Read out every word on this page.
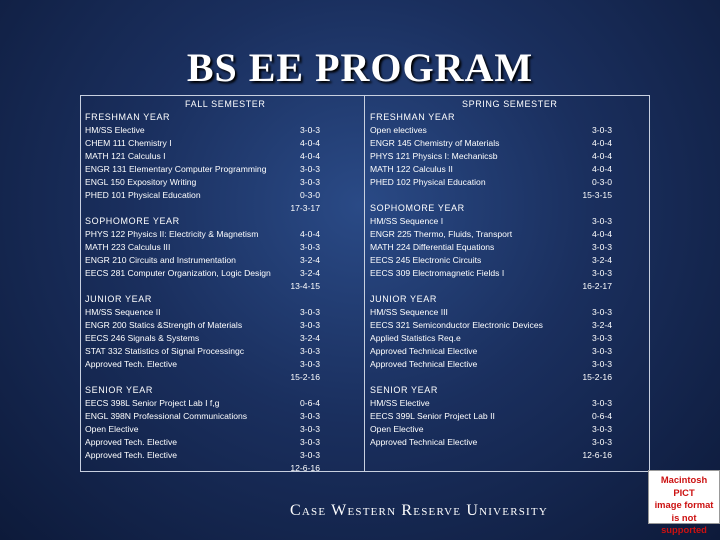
BS EE PROGRAM
FALL SEMESTER	SPRING SEMESTER
FRESHMAN YEAR
HM/SS Elective	3-0-3
CHEM 111 Chemistry I	4-0-4
MATH 121 Calculus I	4-0-4
ENGR 131 Elementary Computer Programming	3-0-3
ENGL 150 Expository Writing	3-0-3
PHED 101 Physical Education	0-3-0
17-3-17
SOPHOMORE YEAR
PHYS 122 Physics II: Electricity & Magnetism	4-0-4
MATH 223 Calculus III	3-0-3
ENGR 210 Circuits and Instrumentation	3-2-4
EECS 281 Computer Organization, Logic Design	3-2-4
13-4-15
JUNIOR YEAR
HM/SS Sequence II	3-0-3
ENGR 200 Statics &Strength of Materials	3-0-3
EECS 246 Signals & Systems	3-2-4
STAT 332 Statistics of Signal Processingc	3-0-3
Approved Tech. Elective	3-0-3
15-2-16
SENIOR YEAR
EECS 398L Senior Project Lab I f,g	0-6-4
ENGL 398N Professional Communications	3-0-3
Open Elective	3-0-3
Approved Tech. Elective	3-0-3
Approved Tech. Elective	3-0-3
12-6-16
FRESHMAN YEAR
Open electives	3-0-3
ENGR 145 Chemistry of Materials	4-0-4
PHYS 121 Physics I: Mechanicsb	4-0-4
MATH 122 Calculus II	4-0-4
PHED 102 Physical Education	0-3-0
15-3-15
SOPHOMORE YEAR
HM/SS Sequence I	3-0-3
ENGR 225 Thermo, Fluids, Transport	4-0-4
MATH 224 Differential Equations	3-0-3
EECS 245 Electronic Circuits	3-2-4
EECS 309 Electromagnetic Fields I	3-0-3
16-2-17
JUNIOR YEAR
HM/SS Sequence III	3-0-3
EECS 321 Semiconductor Electronic Devices	3-2-4
Applied Statistics Req.e	3-0-3
Approved Technical Elective	3-0-3
Approved Technical Elective	3-0-3
15-2-16
SENIOR YEAR
HM/SS Elective	3-0-3
EECS 399L Senior Project Lab II	0-6-4
Open Elective	3-0-3
Approved Technical Elective	3-0-3
12-6-16
Case Western Reserve University
Macintosh PICT
image format
is not supported
